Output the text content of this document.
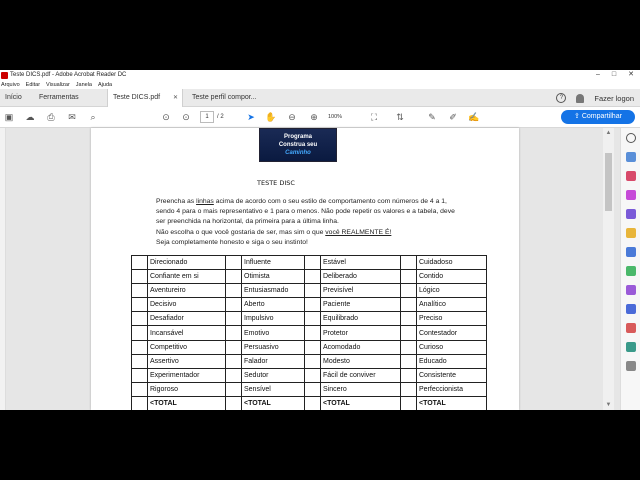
Teste DICS.pdf - Adobe Acrobat Reader DC	–	□	✕
Arquivo Editar Visualizar Janela Ajuda
Início	Ferramentas	Teste DICS.pdf ✕	Teste perfil compor...	?	Fazer logon
▣ ☁ ⎙ ✉	⌕	⊙ ⊙	1	/ 2	➤ ✋ ⊖ ⊕	100%	⛶	⇅	✎ ✐ ✍	⇪ Compartilhar
Programa
Construa seu
Caminho
TESTE DISC
Preencha as linhas acima de acordo com o seu estilo de comportamento com números de 4 a 1, sendo 4 para o mais representativo e 1 para o menos. Não pode repetir os valores e a tabela, deve ser preenchida na horizontal, da primeira para a última linha.
Não escolha o que você gostaria de ser, mas sim o que você REALMENTE É!
Seja completamente honesto e siga o seu instinto!
	Direcionado		Influente		Estável		Cuidadoso
	Confiante em si		Otimista		Deliberado		Contido
	Aventureiro		Entusiasmado		Previsível		Lógico
	Decisivo		Aberto		Paciente		Analítico
	Desafiador		Impulsivo		Equilibrado		Preciso
	Incansável		Emotivo		Protetor		Contestador
	Competitivo		Persuasivo		Acomodado		Curioso
	Assertivo		Falador		Modesto		Educado
	Experimentador		Sedutor		Fácil de conviver		Consistente
	Rigoroso		Sensível		Sincero		Perfeccionista
	<TOTAL		<TOTAL		<TOTAL		<TOTAL
▲
▼
